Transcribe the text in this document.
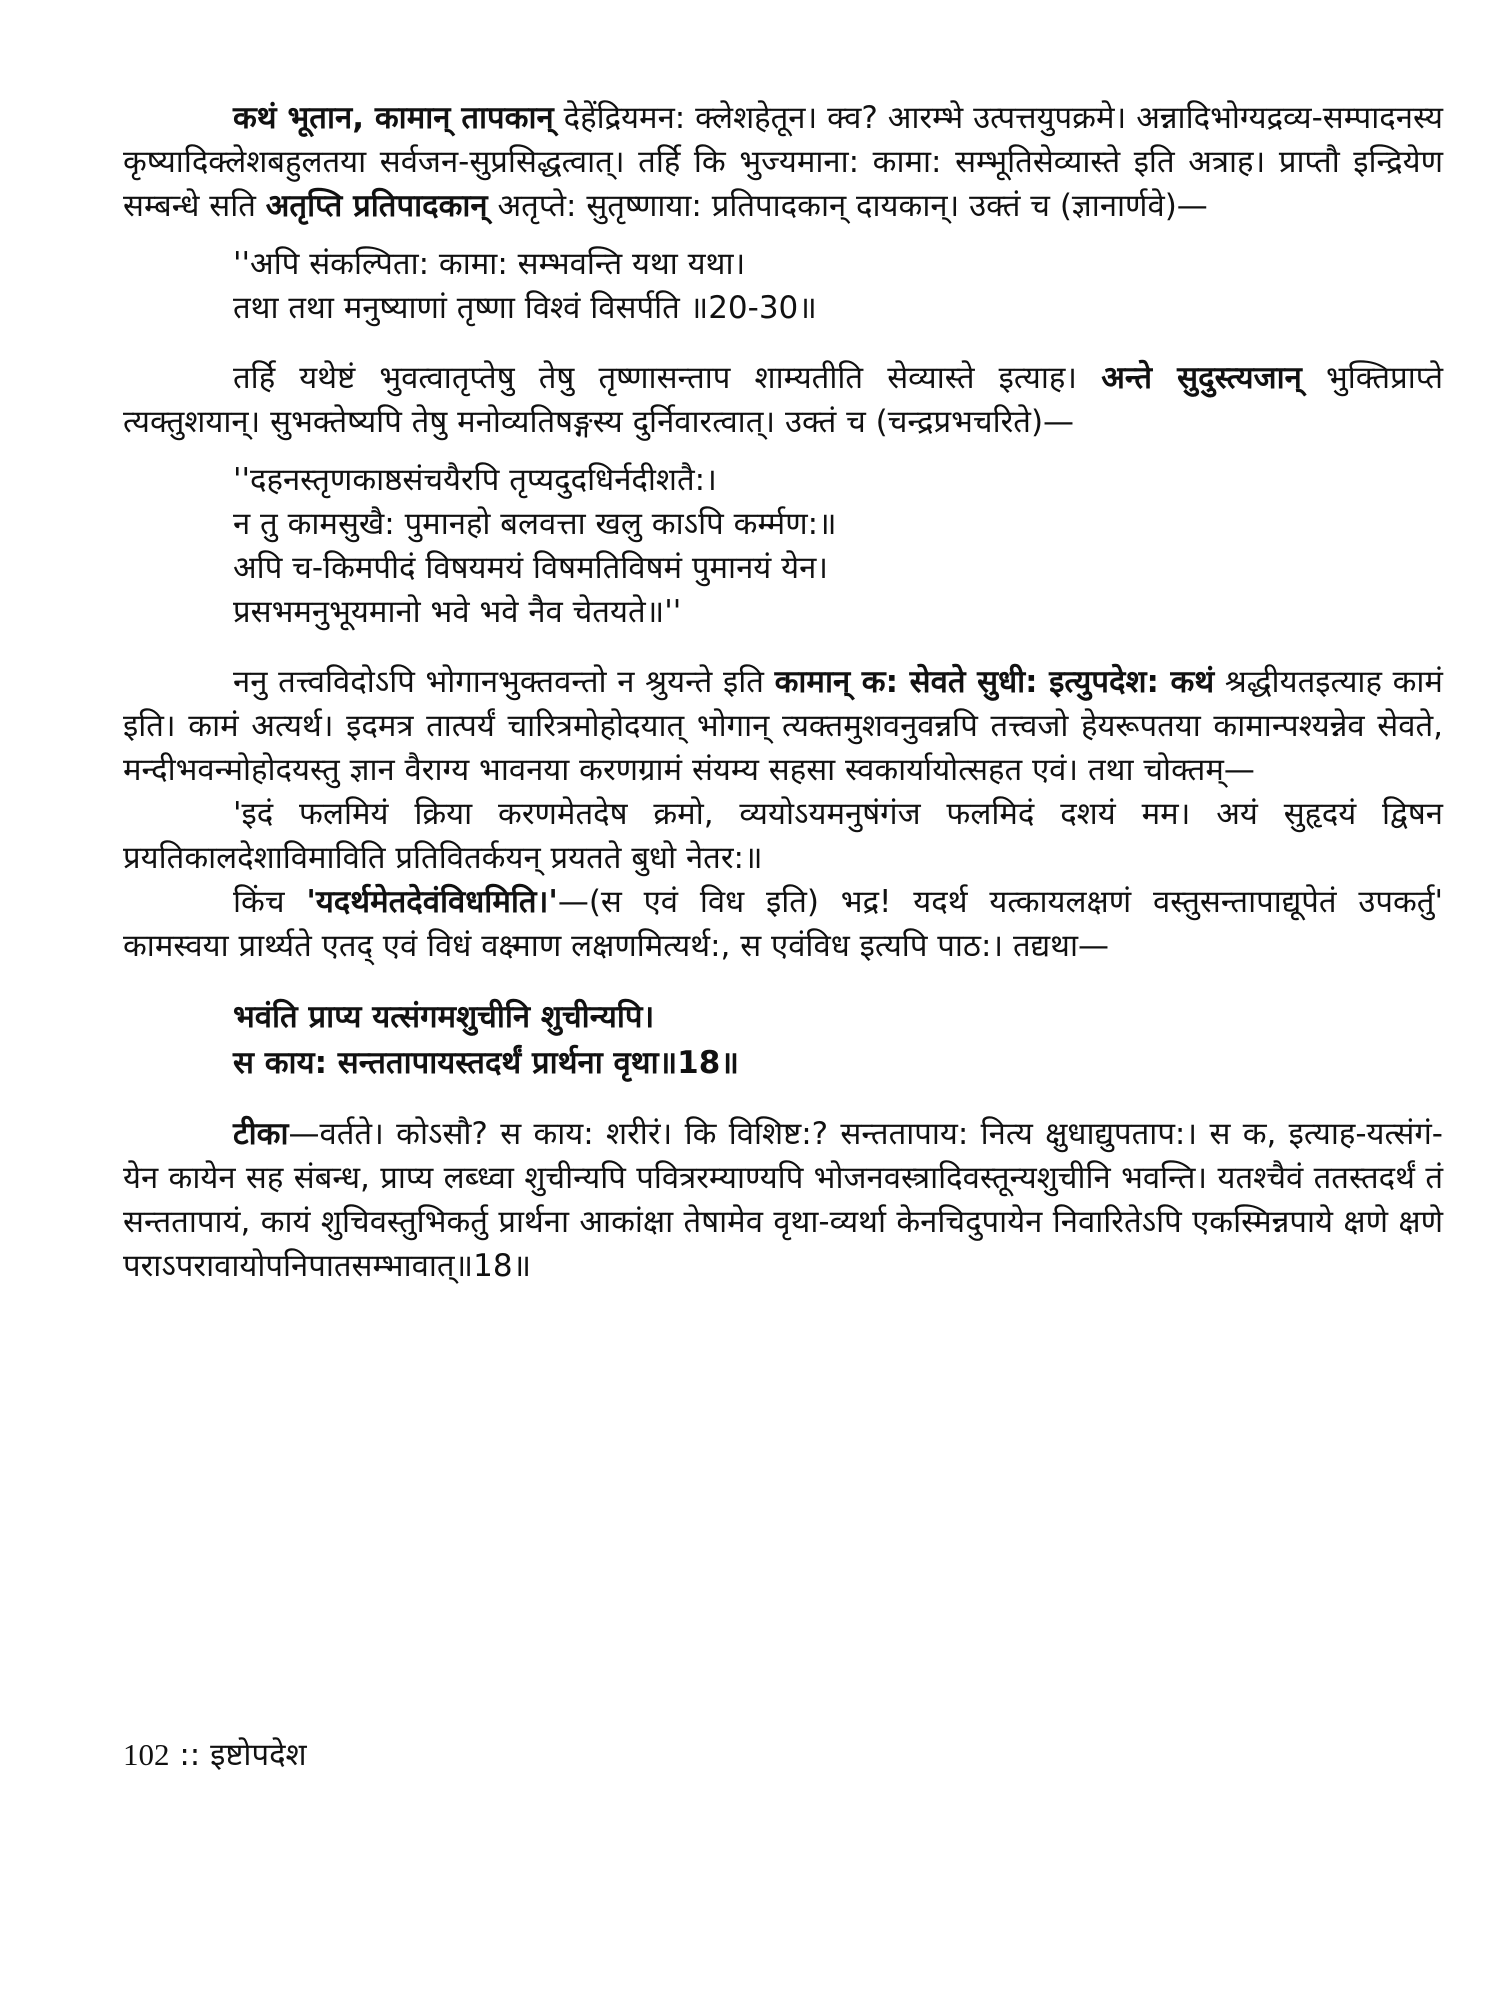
कथं भूतान, कामान् तापकान् देहेंद्रियमन: क्लेशहेतून। क्व? आरम्भे उत्पत्तयुपक्रमे। अन्नादिभोग्यद्रव्य-सम्पादनस्य कृष्यादिक्लेशबहुलतया सर्वजन-सुप्रसिद्धत्वात्। तर्हि कि भुज्यमाना: कामा: सम्भूतिसेव्यास्ते इति अत्राह। प्राप्तौ इन्द्रियेण सम्बन्धे सति अतृप्ति प्रतिपादकान् अतृप्ते: सुतृष्णाया: प्रतिपादकान् दायकान्। उक्तं च (ज्ञानार्णवे)—

''अपि संकल्पिता: कामा: सम्भवन्ति यथा यथा।
तथा तथा मनुष्याणां तृष्णा विश्वं विसर्पति ॥20-30॥

तर्हि यथेष्टं भुवत्वातृप्तेषु तेषु तृष्णासन्ताप शाम्यतीति सेव्यास्ते इत्याह। अन्ते सुदुस्त्यजान् भुक्तिप्राप्ते त्यक्तुशयान्। सुभक्तेष्यपि तेषु मनोव्यतिषङ्गस्य दुर्निवारत्वात्। उक्तं च (चन्द्रप्रभचरिते)—

''दहनस्तृणकाष्ठसंचयैरपि तृप्यदुदधिर्नदीशतै:।
न तु कामसुखै: पुमानहो बलवत्ता खलु काऽपि कर्म्मण:॥
अपि च-किमपीदं विषयमयं विषमतिविषमं पुमानयं येन।
प्रसभमनुभूयमानो भवे भवे नैव चेतयते॥''

ननु तत्त्वविदोऽपि भोगानभुक्तवन्तो न श्रुयन्ते इति कामान् क: सेवते सुधी: इत्युपदेश: कथं श्रद्धीयतइत्याह कामं इति। कामं अत्यर्थ। इदमत्र तात्पर्यं चारित्रमोहोदयात् भोगान् त्यक्तमुशवनुवन्नपि तत्त्वजो हेयरूपतया कामान्पश्यन्नेव सेवते, मन्दीभवन्मोहोदयस्तु ज्ञान वैराग्य भावनया करणग्रामं संयम्य सहसा स्वकार्यायोत्सहत एवं। तथा चोक्तम्—

'इदं फलमियं क्रिया करणमेतदेष क्रमो, व्ययोऽयमनुषंगंज फलमिदं दशयं मम। अयं सुहृदयं द्विषन प्रयतिकालदेशाविमाविति प्रतिवितर्कयन् प्रयतते बुधो नेतर:॥

किंच 'यदर्थमेतदेवंविधमिति।'—(स एवं विध इति) भद्र! यदर्थ यत्कायलक्षणं वस्तुसन्तापाद्यूपेतं उपकर्तु' कामस्वया प्रार्थ्यते एतद् एवं विधं वक्ष्माण लक्षणमित्यर्थ:, स एवंविध इत्यपि पाठ:। तद्यथा—

भवंति प्राप्य यत्संगमशुचीनि शुचीन्यपि।
स काय: सन्ततापायस्तदर्थं प्रार्थना वृथा॥18॥

टीका—वर्तते। कोऽसौ? स काय: शरीरं। कि विशिष्ट:? सन्ततापाय: नित्य क्षुधाद्युपताप:। स क, इत्याह-यत्संगं-येन कायेन सह संबन्ध, प्राप्य लब्ध्वा शुचीन्यपि पवित्ररम्याण्यपि भोजनवस्त्रादिवस्तून्यशुचीनि भवन्ति। यतश्चैवं ततस्तदर्थं तं सन्ततापायं, कायं शुचिवस्तुभिकर्तु प्रार्थना आकांक्षा तेषामेव वृथा-व्यर्था केनचिदुपायेन निवारितेऽपि एकस्मिन्नपाये क्षणे क्षणे पराऽपरावायोपनिपातसम्भावात्॥18॥

102 :: इष्टोपदेश
